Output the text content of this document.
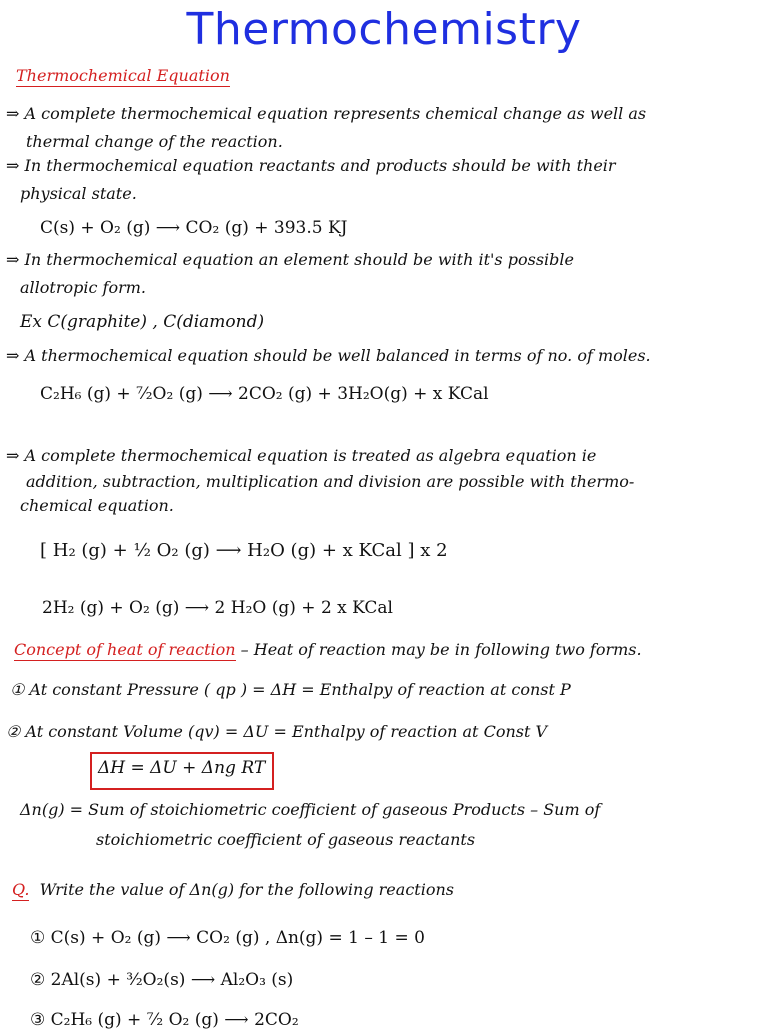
Thermochemistry
Thermochemical Equation
⇒ A complete thermochemical equation represents chemical change as well as
thermal change of the reaction.
⇒ In thermochemical equation reactants and products should be with their
physical state.
C(s) + O₂ (g) ⟶ CO₂ (g) + 393.5 KJ
⇒ In thermochemical equation an element should be with it's possible
allotropic form.
Ex C(graphite) , C(diamond)
⇒ A thermochemical equation should be well balanced in terms of no. of moles.
C₂H₆ (g) + ⁷⁄₂O₂ (g) ⟶ 2CO₂ (g) + 3H₂O(g) + x KCal
⇒ A complete thermochemical equation is treated as algebra equation ie
addition, subtraction, multiplication and division are possible with thermo-
chemical equation.
[ H₂ (g) + ½ O₂ (g) ⟶ H₂O (g) + x KCal ] x 2
2H₂ (g) + O₂ (g) ⟶ 2 H₂O (g) + 2 x KCal
Concept of heat of reaction – Heat of reaction may be in following two forms.
① At constant Pressure ( qp ) = ΔH = Enthalpy of reaction at const P
② At constant Volume (qv) = ΔU = Enthalpy of reaction at Const V
ΔH = ΔU + Δng RT
Δn(g) = Sum of stoichiometric coefficient of gaseous Products – Sum of
stoichiometric coefficient of gaseous reactants
Q. Write the value of Δn(g) for the following reactions
① C(s) + O₂ (g) ⟶ CO₂ (g) , Δn(g) = 1 – 1 = 0
② 2Al(s) + ³⁄₂O₂(s) ⟶ Al₂O₃ (s)
③ C₂H₆ (g) + ⁷⁄₂ O₂ (g) ⟶ 2CO₂
